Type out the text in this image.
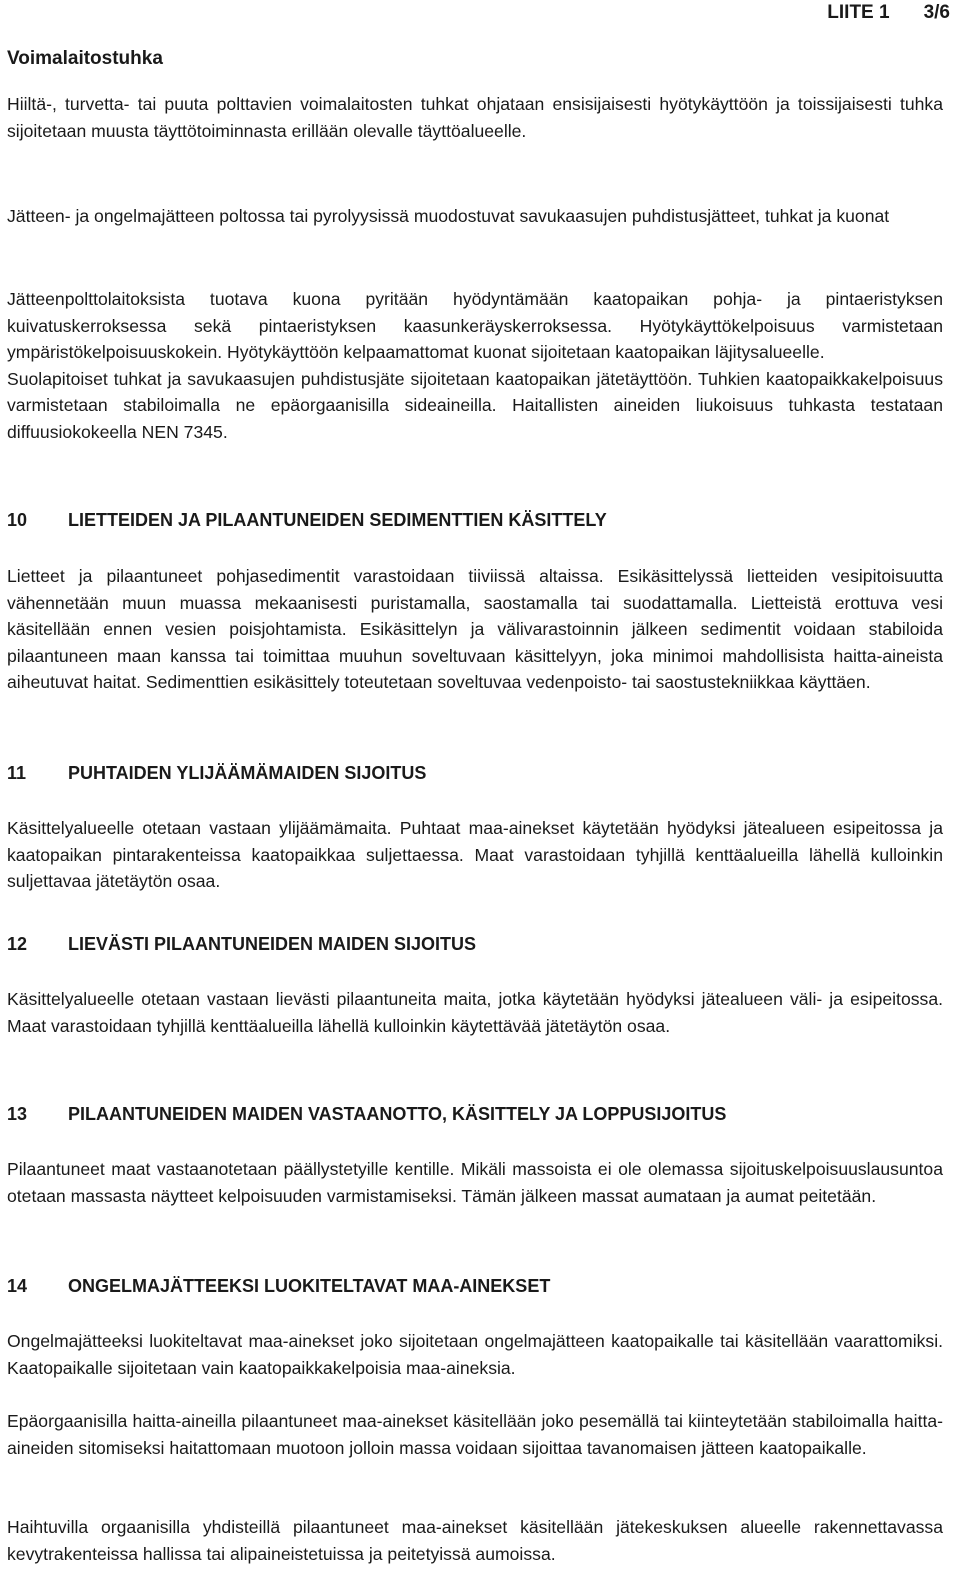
LIITE 1 3/6
Voimalaitostuhka

Hiiltä-, turvetta- tai puuta polttavien voimalaitosten tuhkat ohjataan ensisijaisesti hyötykäyttöön ja toissijaisesti tuhka sijoitetaan muusta täyttötoiminnasta erillään olevalle täyttöalueelle.

Jätteen- ja ongelmajätteen poltossa tai pyrolyysissä muodostuvat savukaasujen puhdistusjätteet, tuhkat ja kuonat

Jätteenpolttolaitoksista tuotava kuona pyritään hyödyntämään kaatopaikan pohja- ja pintaeristyksen kuivatuskerroksessa sekä pintaeristyksen kaasunkeräyskerroksessa. Hyötykäyttökelpoisuus varmistetaan ympäristökelpoisuuskokein. Hyötykäyttöön kelpaamattomat kuonat sijoitetaan kaatopaikan läjitysalueelle.

Suolapitoiset tuhkat ja savukaasujen puhdistusjäte sijoitetaan kaatopaikan jätetäyttöön. Tuhkien kaatopaikkakelpoisuus varmistetaan stabiloimalla ne epäorgaanisilla sideaineilla. Haitallisten aineiden liukoisuus tuhkasta testataan diffuusiokokeella NEN 7345.

10	LIETTEIDEN JA PILAANTUNEIDEN SEDIMENTTIEN KÄSITTELY

Lietteet ja pilaantuneet pohjasedimentit varastoidaan tiiviissä altaissa. Esikäsittelyssä lietteiden vesipitoisuutta vähennetään muun muassa mekaanisesti puristamalla, saostamalla tai suodattamalla. Lietteistä erottuva vesi käsitellään ennen vesien poisjohtamista. Esikäsittelyn ja välivarastoinnin jälkeen sedimentit voidaan stabiloida pilaantuneen maan kanssa tai toimittaa muuhun soveltuvaan käsittelyyn, joka minimoi mahdollisista haitta-aineista aiheutuvat haitat. Sedimenttien esikäsittely toteutetaan soveltuvaa vedenpoisto- tai saostustekniikkaa käyttäen.

11	PUHTAIDEN YLIJÄÄMÄMAIDEN SIJOITUS

Käsittelyalueelle otetaan vastaan ylijäämämaita. Puhtaat maa-ainekset käytetään hyödyksi jätealueen esipeitossa ja kaatopaikan pintarakenteissa kaatopaikkaa suljettaessa. Maat varastoidaan tyhjillä kenttäalueilla lähellä kulloinkin suljettavaa jätetäytön osaa.

12	LIEVÄSTI PILAANTUNEIDEN MAIDEN SIJOITUS

Käsittelyalueelle otetaan vastaan lievästi pilaantuneita maita, jotka käytetään hyödyksi jätealueen väli- ja esipeitossa. Maat varastoidaan tyhjillä kenttäalueilla lähellä kulloinkin käytettävää jätetäytön osaa.

13	PILAANTUNEIDEN MAIDEN VASTAANOTTO, KÄSITTELY JA LOPPUSIJOITUS

Pilaantuneet maat vastaanotetaan päällystetyille kentille. Mikäli massoista ei ole olemassa sijoituskelpoisuuslausuntoa otetaan massasta näytteet kelpoisuuden varmistamiseksi. Tämän jälkeen massat aumataan ja aumat peitetään.

14	ONGELMAJÄTTEEKSI LUOKITELTAVAT MAA-AINEKSET

Ongelmajätteeksi luokiteltavat maa-ainekset joko sijoitetaan ongelmajätteen kaatopaikalle tai käsitellään vaarattomiksi. Kaatopaikalle sijoitetaan vain kaatopaikkakelpoisia maa-aineksia.

Epäorgaanisilla haitta-aineilla pilaantuneet maa-ainekset käsitellään joko pesemällä tai kiinteytetään stabiloimalla haitta-aineiden sitomiseksi haitattomaan muotoon jolloin massa voidaan sijoittaa tavanomaisen jätteen kaatopaikalle.

Haihtuvilla orgaanisilla yhdisteillä pilaantuneet maa-ainekset käsitellään jätekeskuksen alueelle rakennettavassa kevytrakenteissa hallissa tai alipaineistetuissa ja peitetyissä aumoissa.
